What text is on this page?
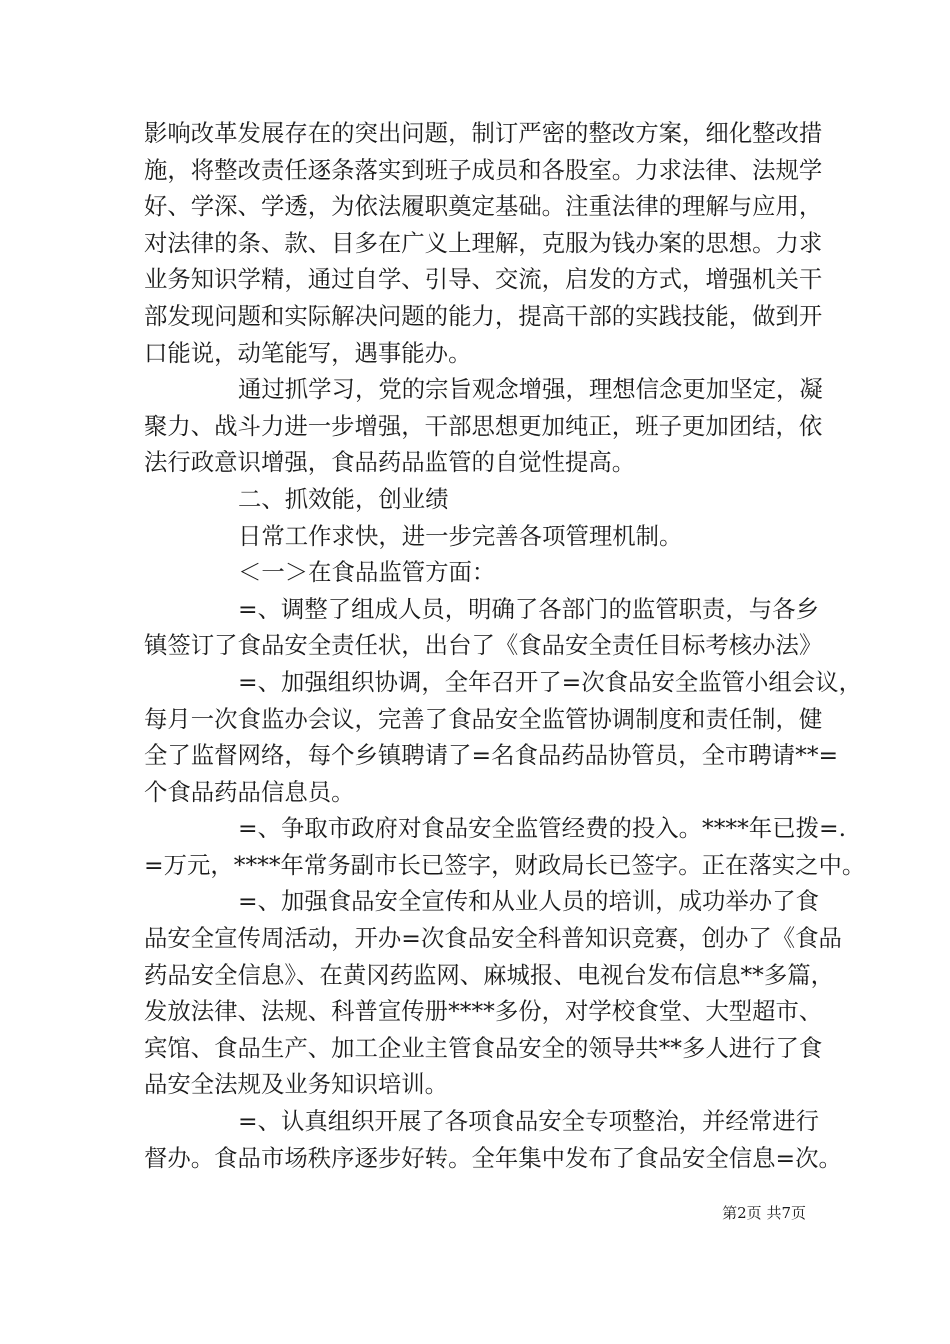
影响改革发展存在的突出问题，制订严密的整改方案，细化整改措
施，将整改责任逐条落实到班子成员和各股室。力求法律、法规学
好、学深、学透，为依法履职奠定基础。注重法律的理解与应用，
对法律的条、款、目多在广义上理解，克服为钱办案的思想。力求
业务知识学精，通过自学、引导、交流，启发的方式，增强机关干
部发现问题和实际解决问题的能力，提高干部的实践技能，做到开
口能说，动笔能写，遇事能办。
通过抓学习，党的宗旨观念增强，理想信念更加坚定，凝
聚力、战斗力进一步增强，干部思想更加纯正，班子更加团结，依
法行政意识增强，食品药品监管的自觉性提高。
二、抓效能，创业绩
日常工作求快，进一步完善各项管理机制。
＜一＞在食品监管方面：
=、调整了组成人员，明确了各部门的监管职责，与各乡
镇签订了食品安全责任状，出台了《食品安全责任目标考核办法》
=、加强组织协调，全年召开了=次食品安全监管小组会议，
每月一次食监办会议，完善了食品安全监管协调制度和责任制，健
全了监督网络，每个乡镇聘请了=名食品药品协管员，全市聘请**=
个食品药品信息员。
=、争取市政府对食品安全监管经费的投入。****年已拨=.
=万元，****年常务副市长已签字，财政局长已签字。正在落实之中。
=、加强食品安全宣传和从业人员的培训，成功举办了食
品安全宣传周活动，开办=次食品安全科普知识竞赛，创办了《食品
药品安全信息》、在黄冈药监网、麻城报、电视台发布信息**多篇，
发放法律、法规、科普宣传册****多份，对学校食堂、大型超市、
宾馆、食品生产、加工企业主管食品安全的领导共**多人进行了食
品安全法规及业务知识培训。
=、认真组织开展了各项食品安全专项整治，并经常进行
督办。食品市场秩序逐步好转。全年集中发布了食品安全信息=次。
第2页 共7页
